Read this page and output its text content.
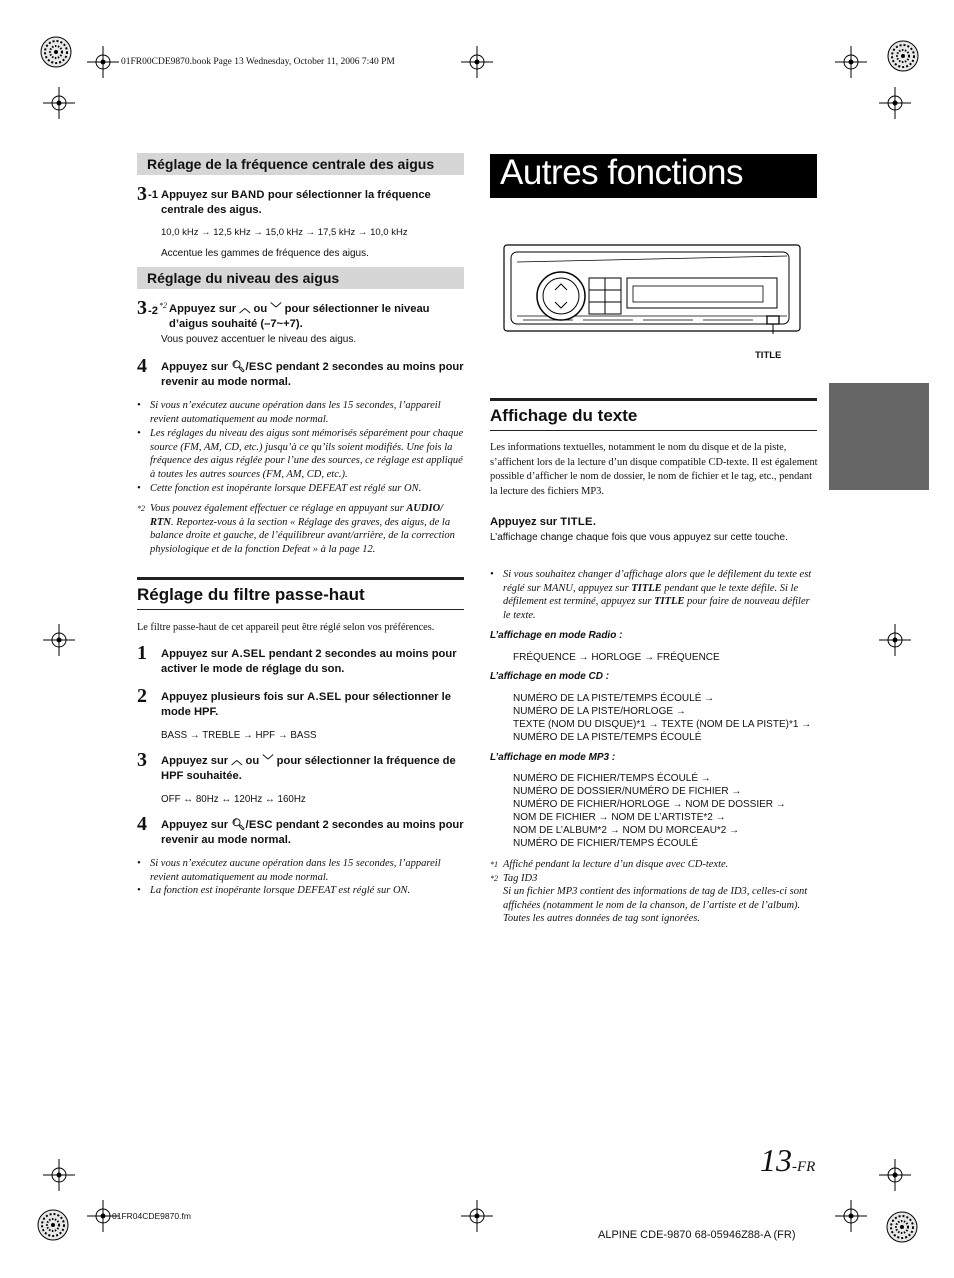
01FR00CDE9870.book Page 13 Wednesday, October 11, 2006 7:40 PM
Réglage de la fréquence centrale des aigus
3 -1 Appuyez sur BAND pour sélectionner la fréquence centrale des aigus.
10,0 kHz → 12,5 kHz → 15,0 kHz → 17,5 kHz → 10,0 kHz
Accentue les gammes de fréquence des aigus.
Réglage du niveau des aigus
3 -2 *2 Appuyez sur ︿ ou ﹀ pour sélectionner le niveau d’aigus souhaité (–7~+7).
Vous pouvez accentuer le niveau des aigus.
4 Appuyez sur 🔍︎/ESC pendant 2 secondes au moins pour revenir au mode normal.
• Si vous n’exécutez aucune opération dans les 15 secondes, l’appareil revient automatiquement au mode normal.
• Les réglages du niveau des aigus sont mémorisés séparément pour chaque source (FM, AM, CD, etc.) jusqu’à ce qu’ils soient modifiés. Une fois la fréquence des aigus réglée pour l’une des sources, ce réglage est appliqué à toutes les autres sources (FM, AM, CD, etc.).
• Cette fonction est inopérante lorsque DEFEAT est réglé sur ON.
*2 Vous pouvez également effectuer ce réglage en appuyant sur AUDIO/ RTN. Reportez-vous à la section « Réglage des graves, des aigus, de la balance droite et gauche, de l’équilibreur avant/arrière, de la correction physiologique et de la fonction Defeat » à la page 12.
Réglage du filtre passe-haut
Le filtre passe-haut de cet appareil peut être réglé selon vos préférences.
1 Appuyez sur A.SEL pendant 2 secondes au moins pour activer le mode de réglage du son.
2 Appuyez plusieurs fois sur A.SEL pour sélectionner le mode HPF.
BASS → TREBLE → HPF → BASS
3 Appuyez sur ︿ ou ﹀ pour sélectionner la fréquence de HPF souhaitée.
OFF ↔ 80Hz ↔ 120Hz ↔ 160Hz
4 Appuyez sur 🔍︎/ESC pendant 2 secondes au moins pour revenir au mode normal.
• Si vous n’exécutez aucune opération dans les 15 secondes, l’appareil revient automatiquement au mode normal.
• La fonction est inopérante lorsque DEFEAT est réglé sur ON.
Autres fonctions
TITLE
Affichage du texte
Les informations textuelles, notamment le nom du disque et de la piste, s’affichent lors de la lecture d’un disque compatible CD-texte. Il est également possible d’afficher le nom de dossier, le nom de fichier et le tag, etc., pendant la lecture des fichiers MP3.
Appuyez sur TITLE.
L’affichage change chaque fois que vous appuyez sur cette touche.
• Si vous souhaitez changer d’affichage alors que le défilement du texte est réglé sur MANU, appuyez sur TITLE pendant que le texte défile. Si le défilement est terminé, appuyez sur TITLE pour faire de nouveau défiler le texte.
L’affichage en mode Radio :
FRÉQUENCE → HORLOGE → FRÉQUENCE
L’affichage en mode CD :
NUMÉRO DE LA PISTE/TEMPS ÉCOULÉ →
NUMÉRO DE LA PISTE/HORLOGE →
TEXTE (NOM DU DISQUE)*1 → TEXTE (NOM DE LA PISTE)*1 →
NUMÉRO DE LA PISTE/TEMPS ÉCOULÉ
L’affichage en mode MP3 :
NUMÉRO DE FICHIER/TEMPS ÉCOULÉ →
NUMÉRO DE DOSSIER/NUMÉRO DE FICHIER →
NUMÉRO DE FICHIER/HORLOGE → NOM DE DOSSIER →
NOM DE FICHIER → NOM DE L’ARTISTE*2 →
NOM DE L’ALBUM*2 → NOM DU MORCEAU*2 →
NUMÉRO DE FICHIER/TEMPS ÉCOULÉ
*1 Affiché pendant la lecture d’un disque avec CD-texte.
*2 Tag ID3
Si un fichier MP3 contient des informations de tag de ID3, celles-ci sont affichées (notamment le nom de la chanson, de l’artiste et de l’album). Toutes les autres données de tag sont ignorées.
13-FR
01FR04CDE9870.fm
ALPINE CDE-9870 68-05946Z88-A (FR)
